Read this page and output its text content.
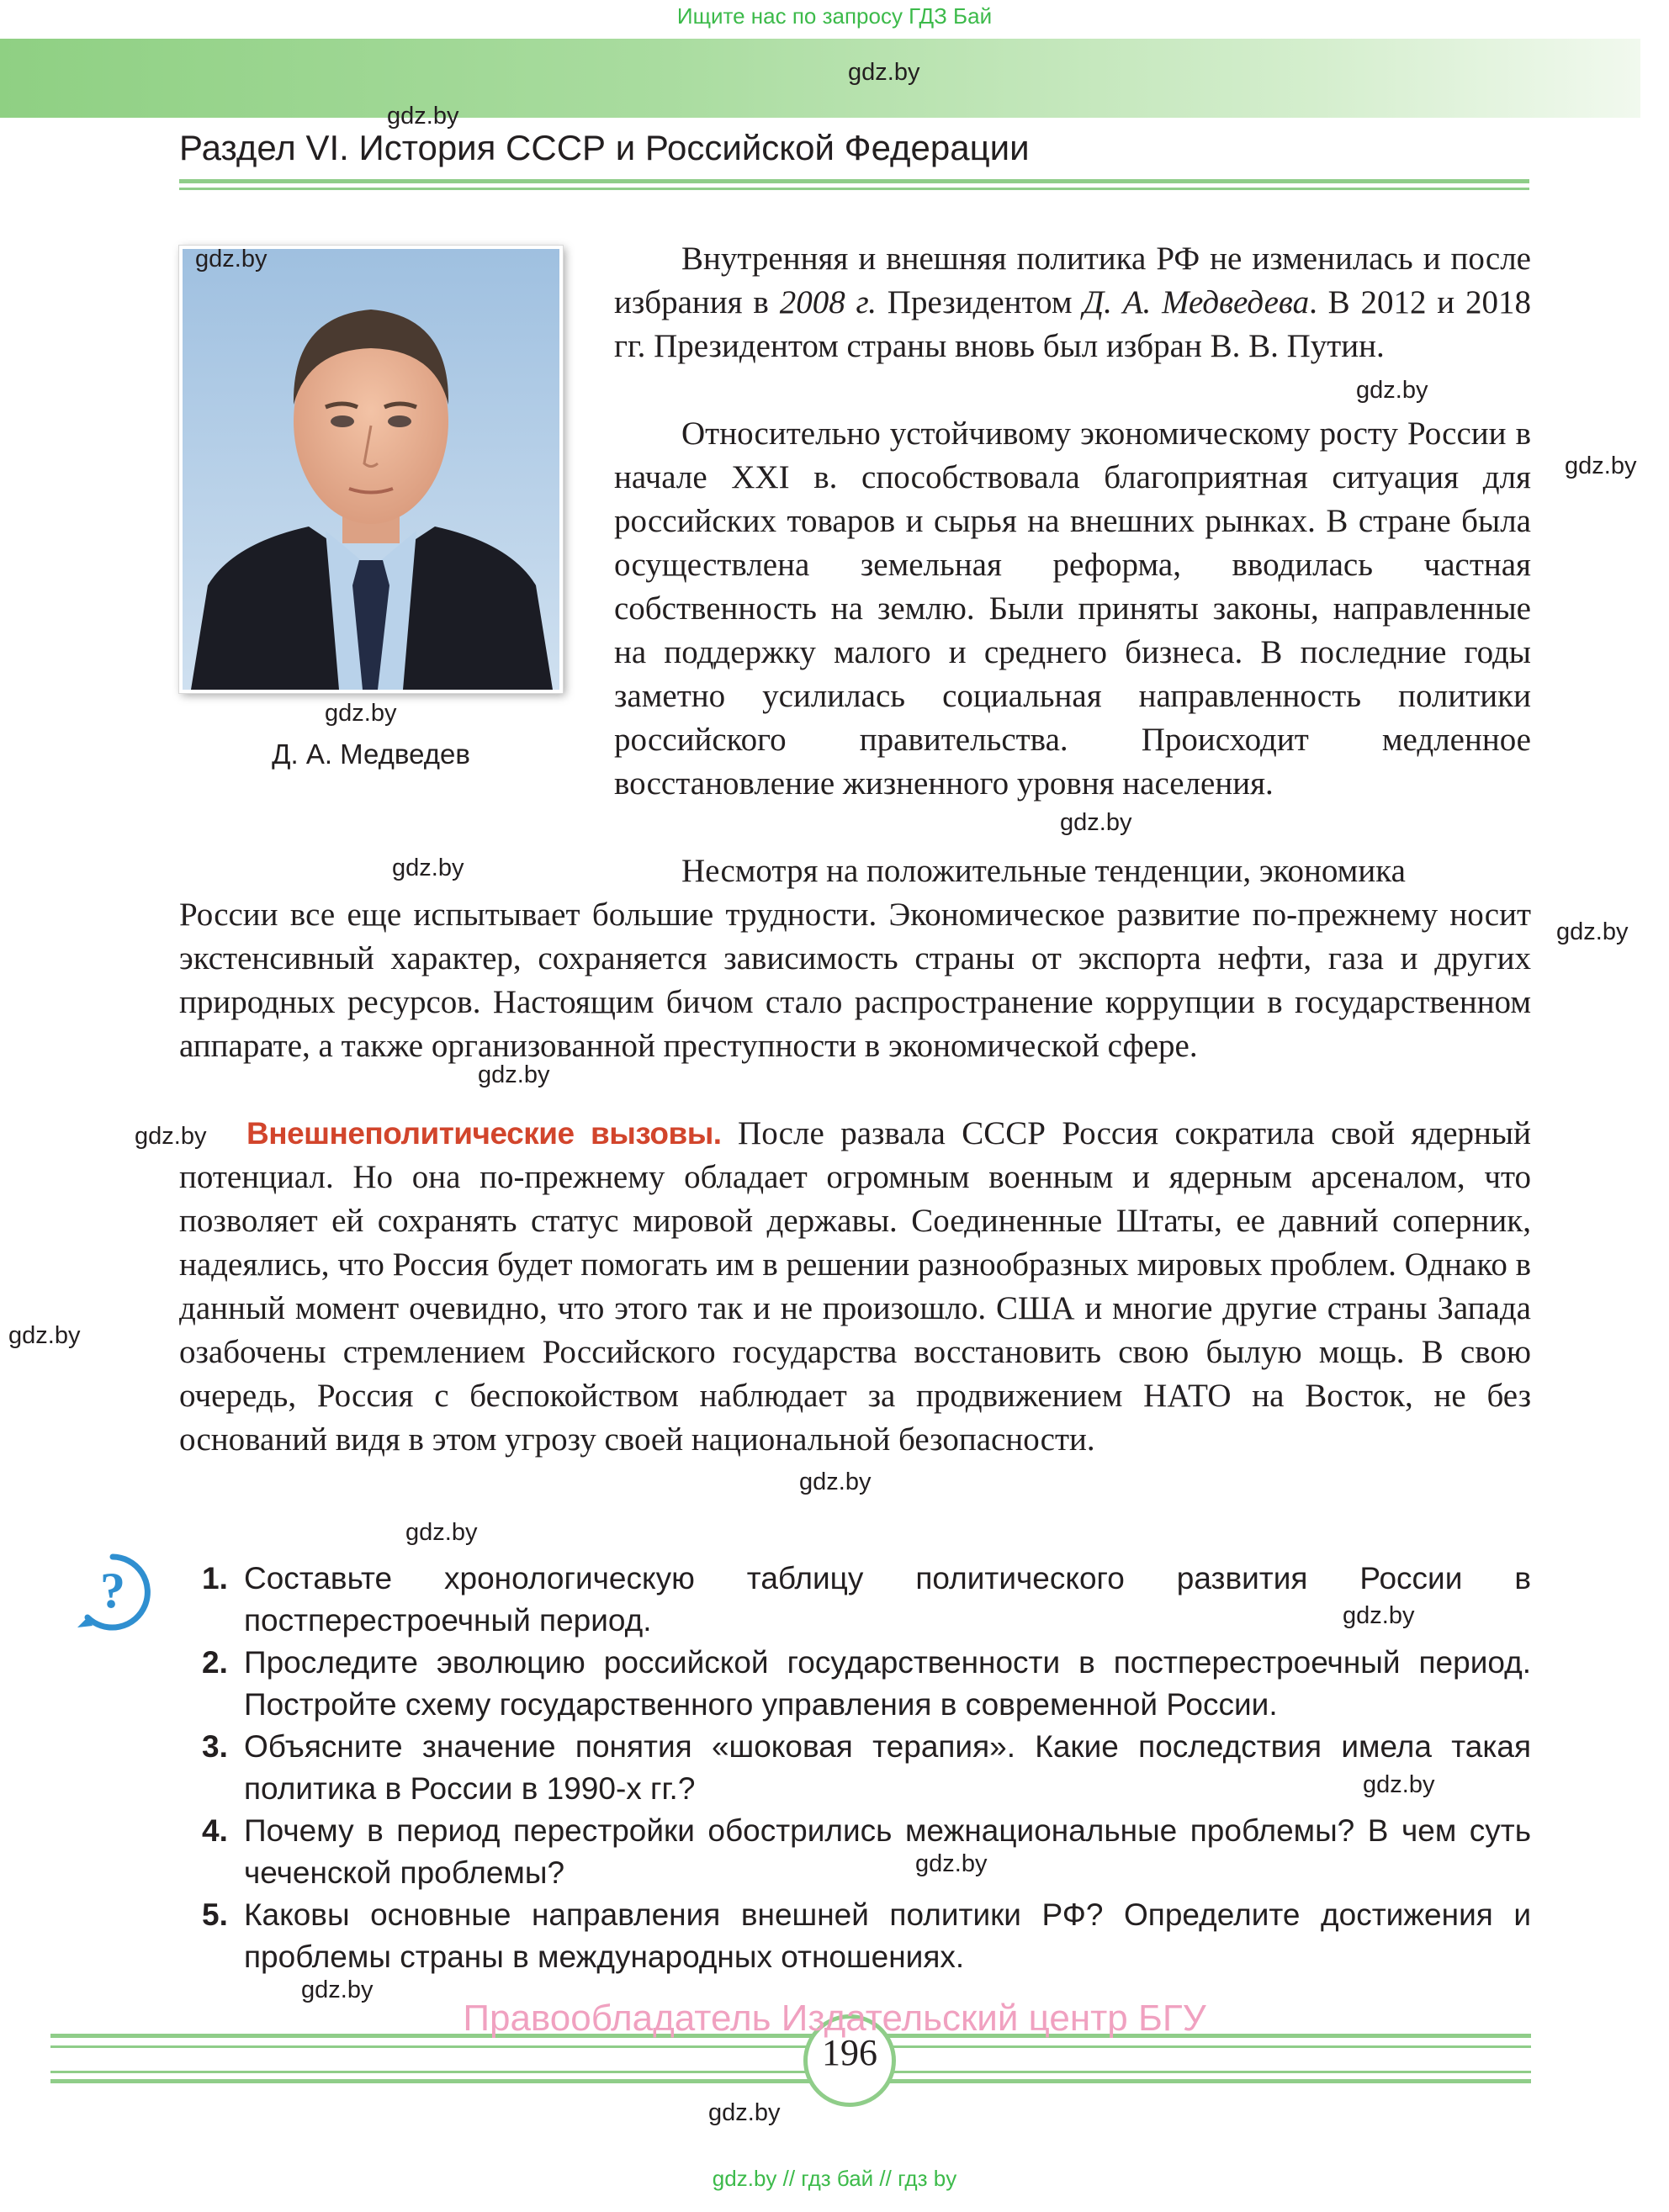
Ищите нас по запросу ГДЗ Бай
Раздел VI. История СССР и Российской Федерации
gdz.by
gdz.by
gdz.by
gdz.by
gdz.by
gdz.by
gdz.by
gdz.by
gdz.by
gdz.by
gdz.by
gdz.by
gdz.by
gdz.by
gdz.by
gdz.by
gdz.by
gdz.by
gdz.by
Д. А. Медведев

Внутренняя и внешняя политика РФ не изменилась и после избрания в 2008 г. Президентом Д. А. Медведева. В 2012 и 2018 гг. Президентом страны вновь был избран В. В. Путин.

Относительно устойчивому экономическому росту России в начале XXI в. способствовала благоприятная ситуация для российских товаров и сырья на внешних рынках. В стране была осуществлена земельная реформа, вводилась частная собственность на землю. Были приняты законы, направленные на поддержку малого и среднего бизнеса. В последние годы заметно усилилась социальная направленность политики российского правительства. Происходит медленное восстановление жизненного уровня населения.

Несмотря на положительные тенденции, экономика

России все еще испытывает большие трудности. Экономическое развитие по-прежнему носит экстенсивный характер, сохраняется зависимость страны от экспорта нефти, газа и других природных ресурсов. Настоящим бичом стало распространение коррупции в государственном аппарате, а также организованной преступности в экономической сфере.

Внешнеполитические вызовы. После развала СССР Россия сократила свой ядерный потенциал. Но она по-прежнему обладает огромным военным и ядерным арсеналом, что позволяет ей сохранять статус мировой державы. Соединенные Штаты, ее давний соперник, надеялись, что Россия будет помогать им в решении разнообразных мировых проблем. Однако в данный момент очевидно, что этого так и не произошло. США и многие другие страны Запада озабочены стремлением Российского государства восстановить свою былую мощь. В свою очередь, Россия с беспокойством наблюдает за продвижением НАТО на Восток, не без оснований видя в этом угрозу своей национальной безопасности.

? 1. Составьте хронологическую таблицу политического развития России в постперестроечный период.
2. Проследите эволюцию российской государственности в постперестроечный период. Постройте схему государственного управления в современной России.
3. Объясните значение понятия «шоковая терапия». Какие последствия имела такая политика в России в 1990-х гг.?
4. Почему в период перестройки обострились межнациональные проблемы? В чем суть чеченской проблемы?
5. Каковы основные направления внешней политики РФ? Определите достижения и проблемы страны в международных отношениях.
196
Правообладатель Издательский центр БГУ
gdz.by // гдз бай // гдз by
